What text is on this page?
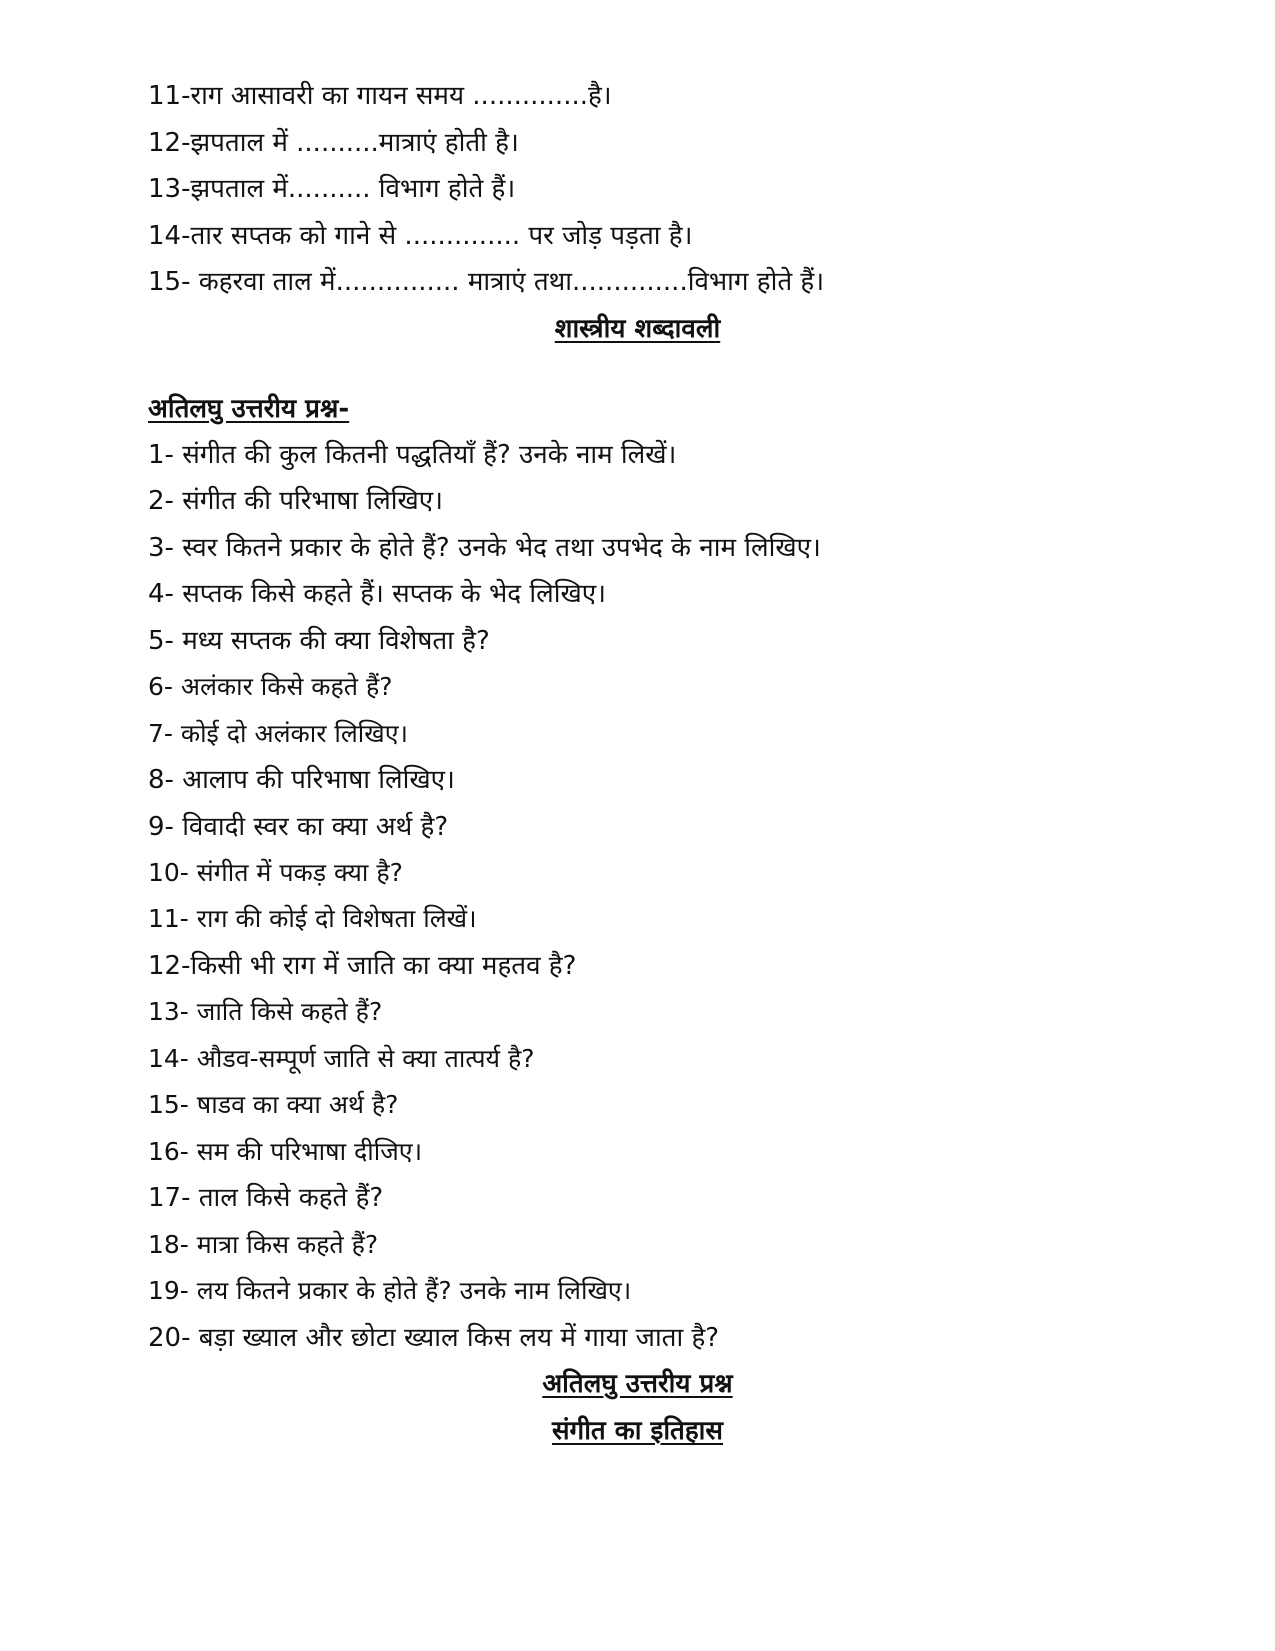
11-राग आसावरी का गायन समय ..............है।
12-झपताल में ..........मात्राएं होती है।
13-झपताल में.......... विभाग होते हैं।
14-तार सप्तक को गाने से .............. पर जोड़ पड़ता है।
15- कहरवा ताल में............... मात्राएं तथा..............विभाग होते हैं।
शास्त्रीय शब्दावली
अतिलघु उत्तरीय प्रश्न-
1- संगीत की कुल कितनी पद्धतियाँ हैं? उनके नाम लिखें।
2- संगीत की परिभाषा लिखिए।
3- स्वर कितने प्रकार के होते हैं? उनके भेद तथा उपभेद के नाम लिखिए।
4- सप्तक किसे कहते हैं। सप्तक के भेद लिखिए।
5- मध्य सप्तक की क्या विशेषता है?
6- अलंकार किसे कहते हैं?
7- कोई दो अलंकार लिखिए।
8- आलाप की परिभाषा लिखिए।
9- विवादी स्वर का क्या अर्थ है?
10- संगीत में पकड़ क्या है?
11- राग की कोई दो विशेषता लिखें।
12-किसी भी राग में जाति का क्या महतव है?
13- जाति किसे कहते हैं?
14- औडव-सम्पूर्ण जाति से क्या तात्पर्य है?
15- षाडव का क्या अर्थ है?
16- सम की परिभाषा दीजिए।
17- ताल किसे कहते हैं?
18- मात्रा किस कहते हैं?
19- लय कितने प्रकार के होते हैं? उनके नाम लिखिए।
20- बड़ा ख्याल और छोटा ख्याल किस लय में गाया जाता है?
अतिलघु उत्तरीय प्रश्न
संगीत का इतिहास
